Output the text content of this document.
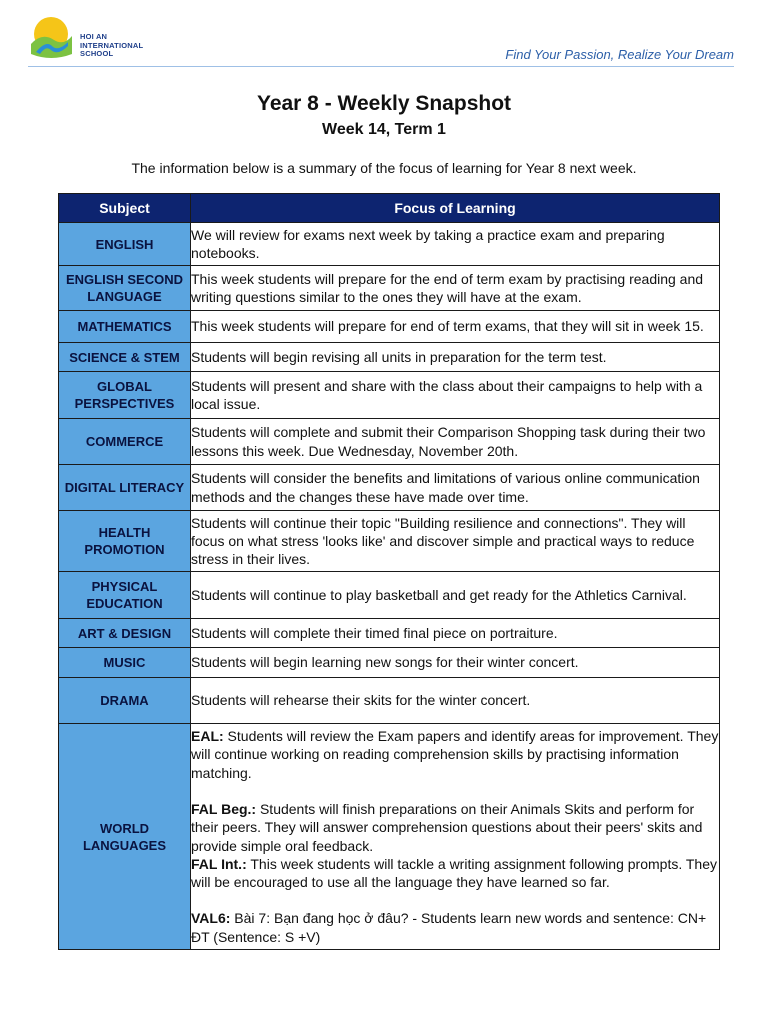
HOI AN
INTERNATIONAL
SCHOOL	Find Your Passion, Realize Your Dream
Year 8 - Weekly Snapshot
Week 14, Term 1
The information below is a summary of the focus of learning for Year 8 next week.
Subject	Focus of Learning
ENGLISH	We will review for exams next week by taking a practice exam and preparing notebooks.
ENGLISH SECOND LANGUAGE	This week students will prepare for the end of term exam by practising reading and writing questions similar to the ones they will have at the exam.
MATHEMATICS	This week students will prepare for end of term exams, that they will sit in week 15.
SCIENCE & STEM	Students will begin revising all units in preparation for the term test.
GLOBAL PERSPECTIVES	Students will present and share with the class about their campaigns to help with a local issue.
COMMERCE	Students will complete and submit their Comparison Shopping task during their two lessons this week. Due Wednesday, November 20th.
DIGITAL LITERACY	Students will consider the benefits and limitations of various online communication methods and the changes these have made over time.
HEALTH PROMOTION	Students will continue their topic "Building resilience and connections". They will focus on what stress 'looks like' and discover simple and practical ways to reduce stress in their lives.
PHYSICAL EDUCATION	Students will continue to play basketball and get ready for the Athletics Carnival.
ART & DESIGN	Students will complete their timed final piece on portraiture.
MUSIC	Students will begin learning new songs for their winter concert.
DRAMA	Students will rehearse their skits for the winter concert.
WORLD LANGUAGES	EAL: Students will review the Exam papers and identify areas for improvement. They will continue working on reading comprehension skills by practising information matching.
FAL Beg.: Students will finish preparations on their Animals Skits and perform for their peers. They will answer comprehension questions about their peers' skits and provide simple oral feedback.
FAL Int.: This week students will tackle a writing assignment following prompts. They will be encouraged to use all the language they have learned so far.
VAL6: Bài 7: Bạn đang học ở đâu? - Students learn new words and sentence: CN+ ĐT (Sentence: S +V)
